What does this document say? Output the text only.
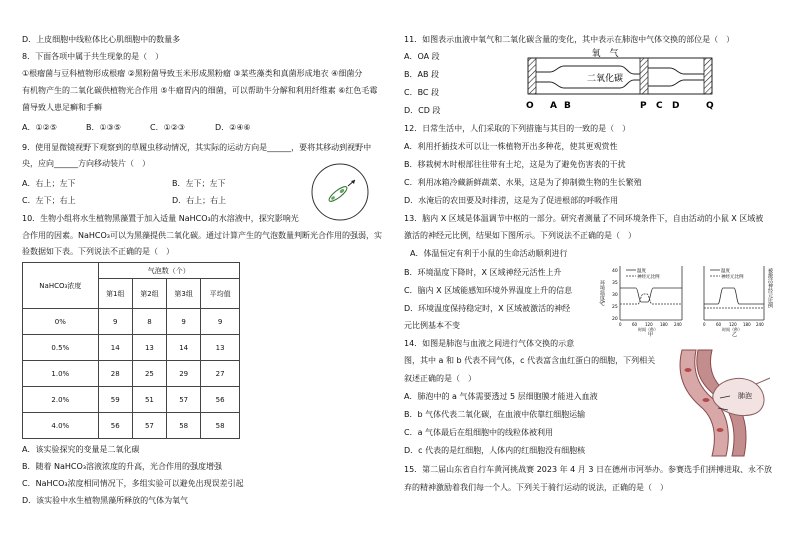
D．上皮细胞中线粒体比心肌细胞中的数量多
8．下面各项中属于共生现象的是（　）
①根瘤菌与豆科植物形成根瘤 ②黑粉菌导致玉米形成黑粉瘤 ③某些藻类和真菌形成地衣 ④细菌分
有机物产生的二氧化碳供植物光合作用 ⑤牛瘤胃内的细菌，可以帮助牛分解和利用纤维素 ⑥红色毛霉
菌导致人患足癣和手癣
A．①②⑤	B．①③⑤	C．①②③	D．②④⑥
9．使用显微镜视野下观察到的草履虫移动情况，其实际的运动方向是______，要将其移动到视野中
央，应向______方向移动装片（　）
A．右上；左下	B．左下；左下
C．左下；右上	D．右上；右上
10．生物小组将水生植物黑藻置于加入适量 NaHCO₃的水溶液中，探究影响光
合作用的因素。NaHCO₃可以为黑藻提供二氧化碳。通过计算产生的气泡数量判断光合作用的强弱，实
验数据如下表。下列说法不正确的是（　）
NaHCO₃浓度	气泡数（个）			
	第1组	第2组	第3组	平均值
0%	9	8	9	9
0.5%	14	13	14	13
1.0%	28	25	29	27
2.0%	59	51	57	56
4.0%	56	57	58	58
A．该实验探究的变量是二氧化碳
B．随着 NaHCO₃溶液浓度的升高，光合作用的强度增强
C．NaHCO₃浓度相同情况下，多组实验可以避免出现误差引起
D．该实验中水生植物黑藻所释放的气体为氧气
11．如图表示血液中氧气和二氧化碳含量的变化，其中表示在肺泡中气体交换的部位是（　）
A．OA 段
B．AB 段
C．BC 段
D．CD 段
氧　气
二氧化碳
O A B	P C D	Q
12．日常生活中，人们采取的下列措施与其目的一致的是（　）
A．利用扦插技术可以让一株植物开出多种花，使其更观赏性
B．移栽树木时根部往往带有土坨，这是为了避免伤害表的干扰
C．利用冰箱冷藏新鲜蔬菜、水果，这是为了抑制微生物的生长繁殖
D．水淹后的农田要及时排涝，这是为了促进根部的呼吸作用
13．脑内 X 区域是体温调节中枢的一部分。研究者测量了不同环境条件下，自由活动的小鼠 X 区域被
激活的神经元比例，结果如下图所示。下列说法不正确的是（　）
A．体温恒定有利于小鼠的生命活动顺利进行
B．环境温度下降时，X 区域神经元活性上升
C．脑内 X 区域能感知环境外界温度上升的信息
D．环境温度保持稳定时，X 区域被激活的神经
元比例基本不变
环境温度/℃
40
35
30
25
20
温度
神经元比例
0	60 120 180 240
时间（秒）
甲
温度
神经元比例
0	60 120 180 240
时间（秒）
乙
被激活神经元比例
14．如图是肺泡与血液之间进行气体交换的示意
图，其中 a 和 b 代表不同气体，c 代表富含血红蛋白的细胞，下列相关
叙述正确的是（　）
A．肺泡中的 a 气体需要透过 5 层细胞膜才能进入血液
B．b 气体代表二氧化碳，在血液中依靠红细胞运输
C．a 气体最后在组细胞中的线粒体被利用
D．c 代表的是红细胞，人体内的红细胞没有细胞核
肺泡
15．第二届山东省自行车黄河挑战赛 2023 年 4 月 3 日在德州市河举办。参赛选手们拼搏进取、永不放
弃的精神激励着我们每一个人。下列关于骑行运动的说法，正确的是（　）
